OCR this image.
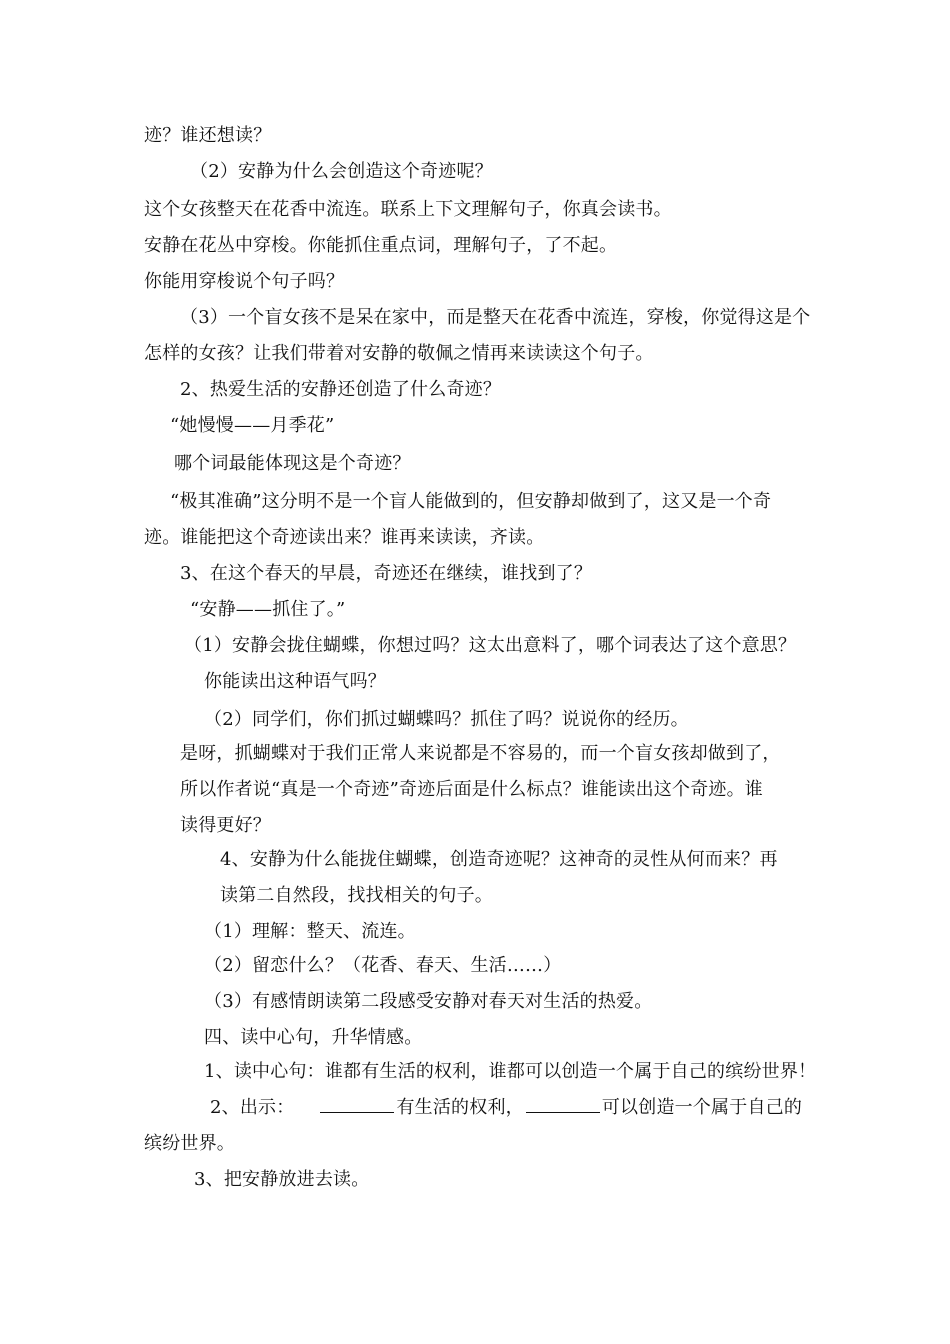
迹？谁还想读？
（2）安静为什么会创造这个奇迹呢？
这个女孩整天在花香中流连。联系上下文理解句子，你真会读书。
安静在花丛中穿梭。你能抓住重点词，理解句子，了不起。
你能用穿梭说个句子吗？
（3）一个盲女孩不是呆在家中，而是整天在花香中流连，穿梭，你觉得这是个
怎样的女孩？让我们带着对安静的敬佩之情再来读读这个句子。
2、热爱生活的安静还创造了什么奇迹？
“她慢慢——月季花”
哪个词最能体现这是个奇迹？
“极其准确”这分明不是一个盲人能做到的，但安静却做到了，这又是一个奇
迹。谁能把这个奇迹读出来？谁再来读读，齐读。
3、在这个春天的早晨，奇迹还在继续，谁找到了？
“安静——抓住了。”
（1）安静会拢住蝴蝶，你想过吗？这太出意料了，哪个词表达了这个意思？
你能读出这种语气吗？
（2）同学们，你们抓过蝴蝶吗？抓住了吗？说说你的经历。
是呀，抓蝴蝶对于我们正常人来说都是不容易的，而一个盲女孩却做到了，
所以作者说“真是一个奇迹”奇迹后面是什么标点？谁能读出这个奇迹。谁
读得更好？
4、安静为什么能拢住蝴蝶，创造奇迹呢？这神奇的灵性从何而来？再
读第二自然段，找找相关的句子。
（1）理解：整天、流连。
（2）留恋什么？（花香、春天、生活……）
（3）有感情朗读第二段感受安静对春天对生活的热爱。
四、读中心句，升华情感。
1、读中心句：谁都有生活的权利，谁都可以创造一个属于自己的缤纷世界！
2、出示：	有生活的权利，	可以创造一个属于自己的
缤纷世界。
3、把安静放进去读。
